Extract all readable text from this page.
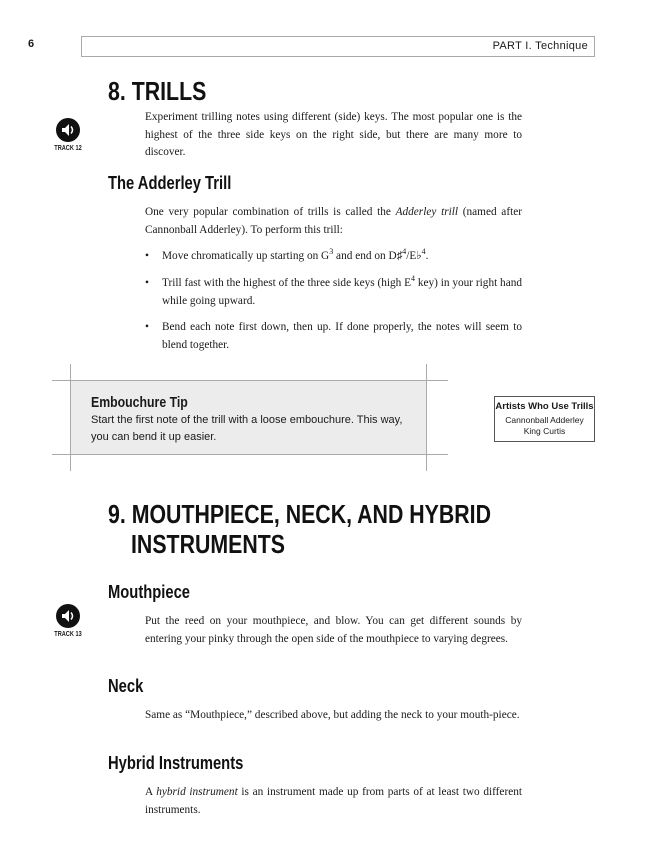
6	PART I. Technique
8. TRILLS
TRACK 12
Experiment trilling notes using different (side) keys. The most popular one is the highest of the three side keys on the right side, but there are many more to discover.
The Adderley Trill
One very popular combination of trills is called the Adderley trill (named after Cannonball Adderley). To perform this trill:
• Move chromatically up starting on $G^3$ and end on D♯$^4$/E♭$^4$.
• Trill fast with the highest of the three side keys (high $E^4$ key) in your right hand while going upward.
• Bend each note first down, then up. If done properly, the notes will seem to blend together.
Embouchure Tip
Start the first note of the trill with a loose embouchure. This way, you can bend it up easier.
Artists Who Use Trills
Cannonball Adderley
King Curtis
9. MOUTHPIECE, NECK, AND HYBRID
INSTRUMENTS
Mouthpiece
TRACK 13
Put the reed on your mouthpiece, and blow. You can get different sounds by entering your pinky through the open side of the mouthpiece to varying degrees.
Neck
Same as “Mouthpiece,” described above, but adding the neck to your mouth-piece.
Hybrid Instruments
A hybrid instrument is an instrument made up from parts of at least two different instruments.
